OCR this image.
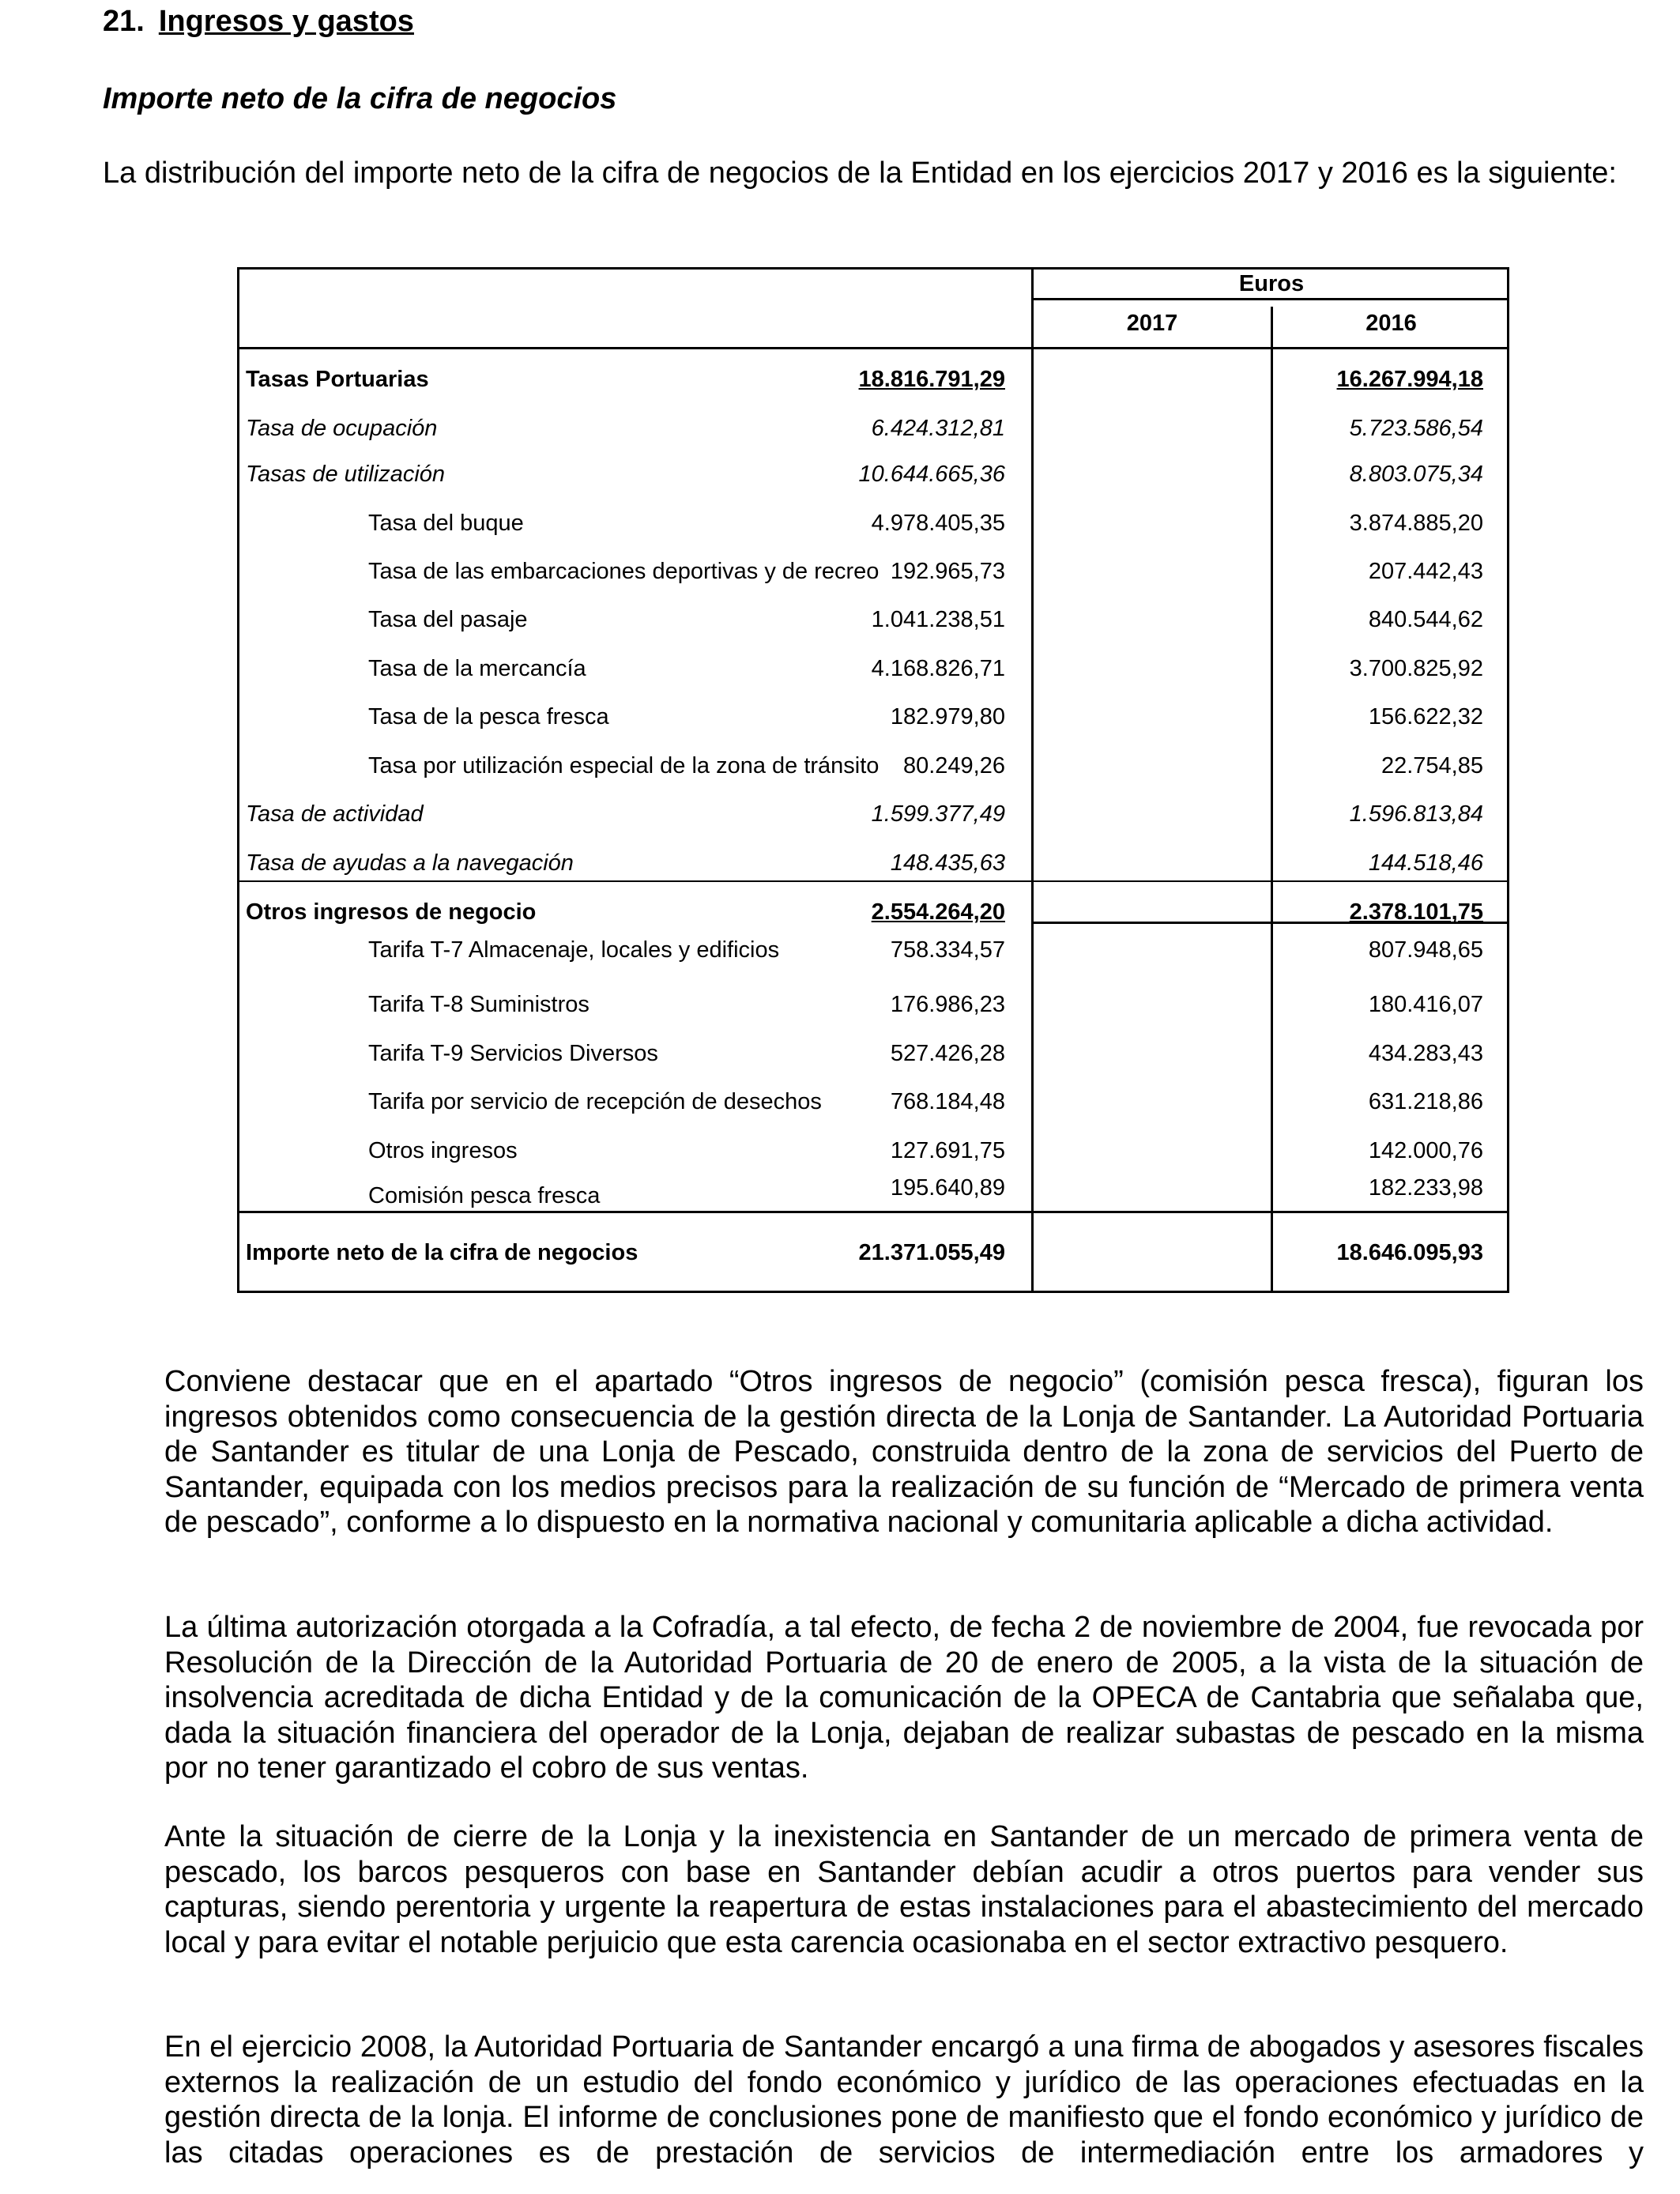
21. Ingresos y gastos
Importe neto de la cifra de negocios
La distribución del importe neto de la cifra de negocios de la Entidad en los ejercicios 2017 y 2016 es la siguiente:
Euros
2017	2016
Tasas Portuarias	18.816.791,29	16.267.994,18
Tasa de ocupación	6.424.312,81	5.723.586,54
Tasas de utilización	10.644.665,36	8.803.075,34
Tasa del buque	4.978.405,35	3.874.885,20
Tasa de las embarcaciones deportivas y de recreo 192.965,73	207.442,43
Tasa del pasaje	1.041.238,51	840.544,62
Tasa de la mercancía	4.168.826,71	3.700.825,92
Tasa de la pesca fresca	182.979,80	156.622,32
Tasa por utilización especial de la zona de tránsito 80.249,26	22.754,85
Tasa de actividad	1.599.377,49	1.596.813,84
Tasa de ayudas a la navegación	148.435,63	144.518,46
Otros ingresos de negocio	2.554.264,20	2.378.101,75
Tarifa T-7 Almacenaje, locales y edificios	758.334,57	807.948,65
Tarifa T-8 Suministros	176.986,23	180.416,07
Tarifa T-9 Servicios Diversos	527.426,28	434.283,43
Tarifa por servicio de recepción de desechos	768.184,48	631.218,86
Otros ingresos	127.691,75	142.000,76
Comisión pesca fresca	195.640,89	182.233,98
Importe neto de la cifra de negocios	21.371.055,49	18.646.095,93
Conviene destacar que en el apartado “Otros ingresos de negocio” (comisión pesca fresca), figuran los ingresos obtenidos como consecuencia de la gestión directa de la Lonja de Santander. La Autoridad Portuaria de Santander es titular de una Lonja de Pescado, construida dentro de la zona de servicios del Puerto de Santander, equipada con los medios precisos para la realización de su función de “Mercado de primera venta de pescado”, conforme a lo dispuesto en la normativa nacional y comunitaria aplicable a dicha actividad.
La última autorización otorgada a la Cofradía, a tal efecto, de fecha 2 de noviembre de 2004, fue revocada por Resolución de la Dirección de la Autoridad Portuaria de 20 de enero de 2005, a la vista de la situación de insolvencia acreditada de dicha Entidad y de la comunicación de la OPECA de Cantabria que señalaba que, dada la situación financiera del operador de la Lonja, dejaban de realizar subastas de pescado en la misma por no tener garantizado el cobro de sus ventas.
Ante la situación de cierre de la Lonja y la inexistencia en Santander de un mercado de primera venta de pescado, los barcos pesqueros con base en Santander debían acudir a otros puertos para vender sus capturas, siendo perentoria y urgente la reapertura de estas instalaciones para el abastecimiento del mercado local y para evitar el notable perjuicio que esta carencia ocasionaba en el sector extractivo pesquero.
En el ejercicio 2008, la Autoridad Portuaria de Santander encargó a una firma de abogados y asesores fiscales externos la realización de un estudio del fondo económico y jurídico de las operaciones efectuadas en la gestión directa de la lonja. El informe de conclusiones pone de manifiesto que el fondo económico y jurídico de las citadas operaciones es de prestación de servicios de intermediación entre los armadores y
